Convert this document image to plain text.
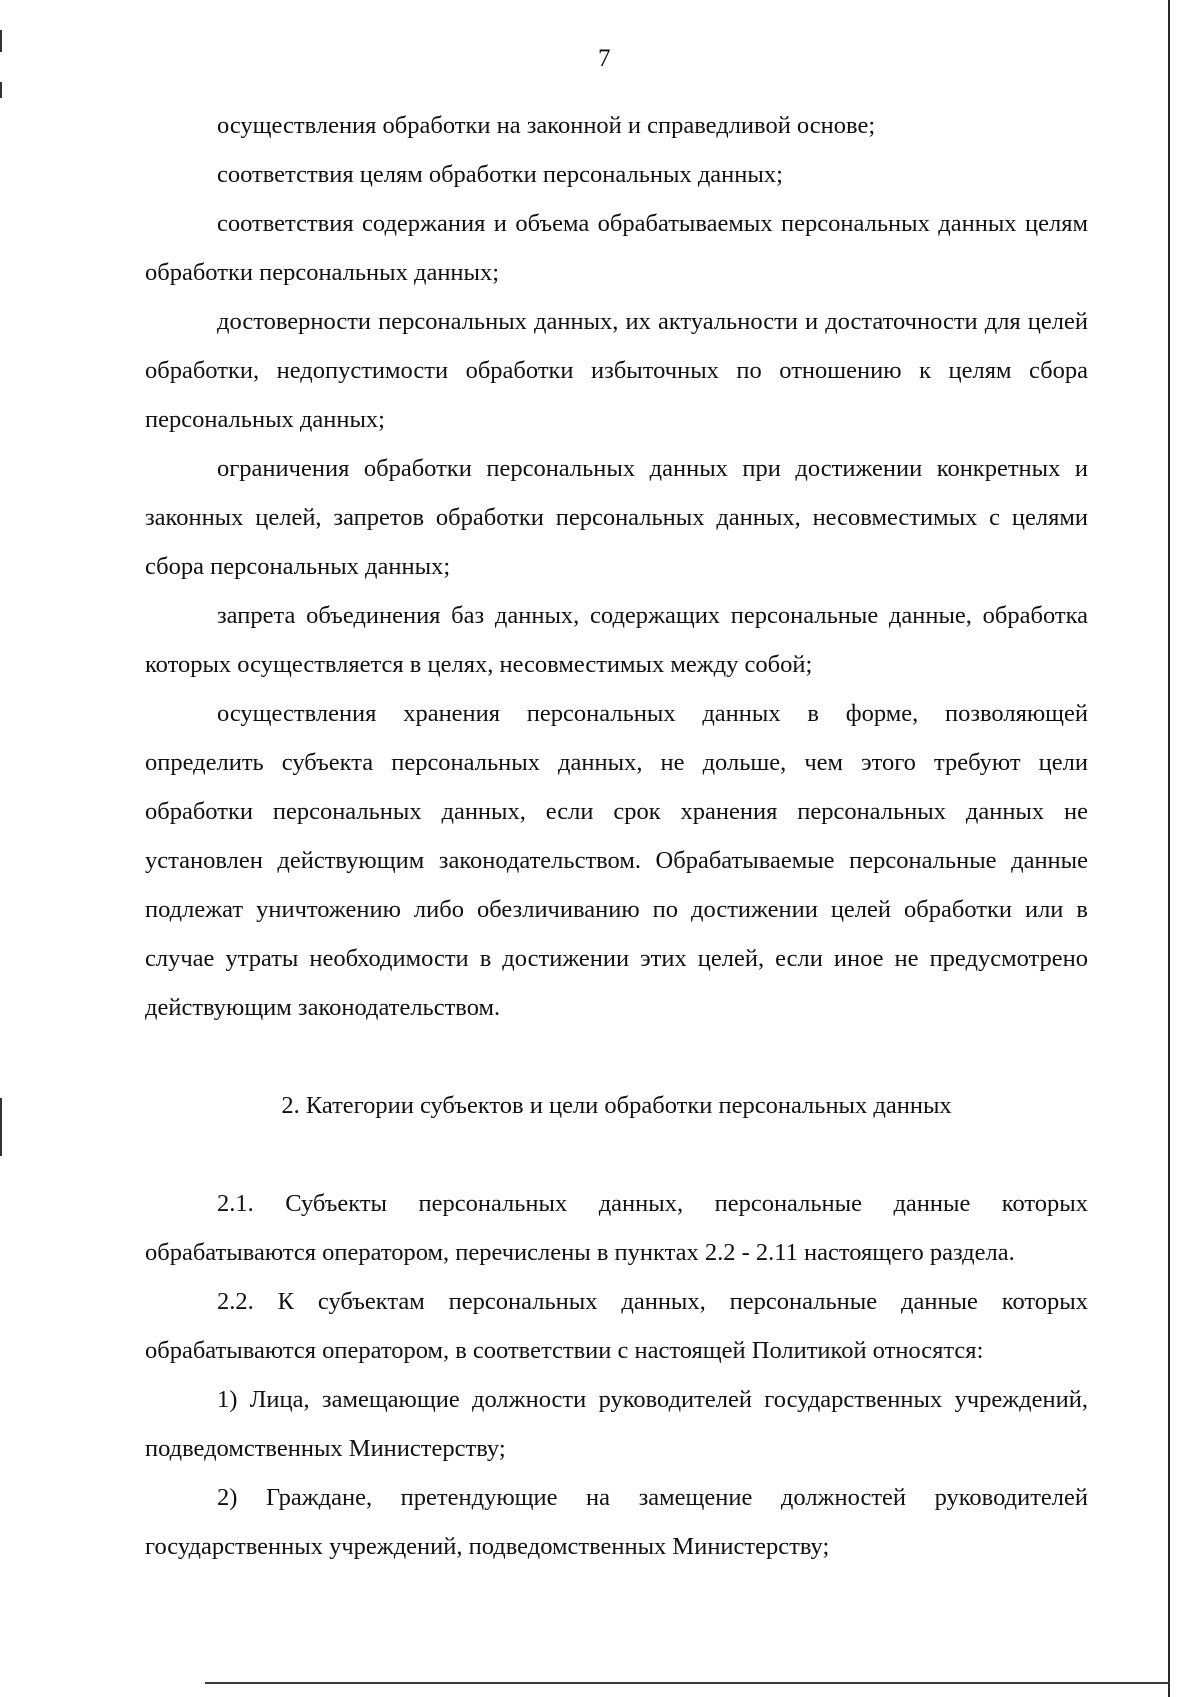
7

осуществления обработки на законной и справедливой основе;

соответствия целям обработки персональных данных;

соответствия содержания и объема обрабатываемых персональных данных целям обработки персональных данных;

достоверности персональных данных, их актуальности и достаточности для целей обработки, недопустимости обработки избыточных по отношению к целям сбора персональных данных;

ограничения обработки персональных данных при достижении конкретных и законных целей, запретов обработки персональных данных, несовместимых с целями сбора персональных данных;

запрета объединения баз данных, содержащих персональные данные, обработка которых осуществляется в целях, несовместимых между собой;

осуществления хранения персональных данных в форме, позволяющей определить субъекта персональных данных, не дольше, чем этого требуют цели обработки персональных данных, если срок хранения персональных данных не установлен действующим законодательством. Обрабатываемые персональные данные подлежат уничтожению либо обезличиванию по достижении целей обработки или в случае утраты необходимости в достижении этих целей, если иное не предусмотрено действующим законодательством.

2. Категории субъектов и цели обработки персональных данных

2.1. Субъекты персональных данных, персональные данные которых обрабатываются оператором, перечислены в пунктах 2.2 - 2.11 настоящего раздела.

2.2. К субъектам персональных данных, персональные данные которых обрабатываются оператором, в соответствии с настоящей Политикой относятся:

1) Лица, замещающие должности руководителей государственных учреждений, подведомственных Министерству;

2) Граждане, претендующие на замещение должностей руководителей государственных учреждений, подведомственных Министерству;
